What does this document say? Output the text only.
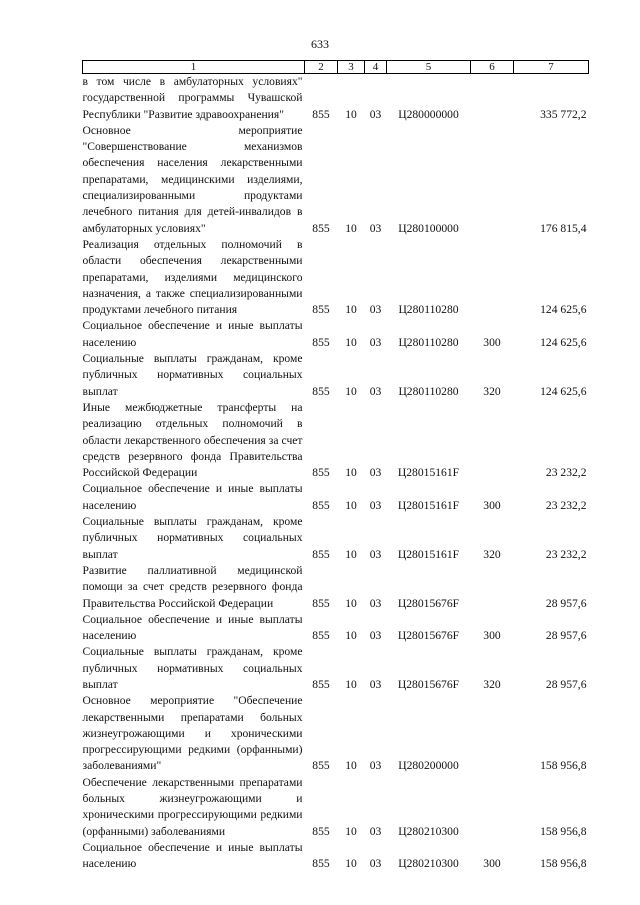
633
1	2	3	4	5	6	7
в том числе в амбулаторных условиях" государственной программы Чувашской Республики "Развитие здравоохранения"	855	10	03	Ц280000000		335 772,2
Основное мероприятие "Совершенствование механизмов обеспечения населения лекарственными препаратами, медицинскими изделиями, специализированными продуктами лечебного питания для детей-инвалидов в амбулаторных условиях"	855	10	03	Ц280100000		176 815,4
Реализация отдельных полномочий в области обеспечения лекарственными препаратами, изделиями медицинского назначения, а также специализированными продуктами лечебного питания	855	10	03	Ц280110280		124 625,6
Социальное обеспечение и иные выплаты населению	855	10	03	Ц280110280	300	124 625,6
Социальные выплаты гражданам, кроме публичных нормативных социальных выплат	855	10	03	Ц280110280	320	124 625,6
Иные межбюджетные трансферты на реализацию отдельных полномочий в области лекарственного обеспечения за счет средств резервного фонда Правительства Российской Федерации	855	10	03	Ц28015161F		23 232,2
Социальное обеспечение и иные выплаты населению	855	10	03	Ц28015161F	300	23 232,2
Социальные выплаты гражданам, кроме публичных нормативных социальных выплат	855	10	03	Ц28015161F	320	23 232,2
Развитие паллиативной медицинской помощи за счет средств резервного фонда Правительства Российской Федерации	855	10	03	Ц28015676F		28 957,6
Социальное обеспечение и иные выплаты населению	855	10	03	Ц28015676F	300	28 957,6
Социальные выплаты гражданам, кроме публичных нормативных социальных выплат	855	10	03	Ц28015676F	320	28 957,6
Основное мероприятие "Обеспечение лекарственными препаратами больных жизнеугрожающими и хроническими прогрессирующими редкими (орфанными) заболеваниями"	855	10	03	Ц280200000		158 956,8
Обеспечение лекарственными препаратами больных жизнеугрожающими и хроническими прогрессирующими редкими (орфанными) заболеваниями	855	10	03	Ц280210300		158 956,8
Социальное обеспечение и иные выплаты населению	855	10	03	Ц280210300	300	158 956,8
